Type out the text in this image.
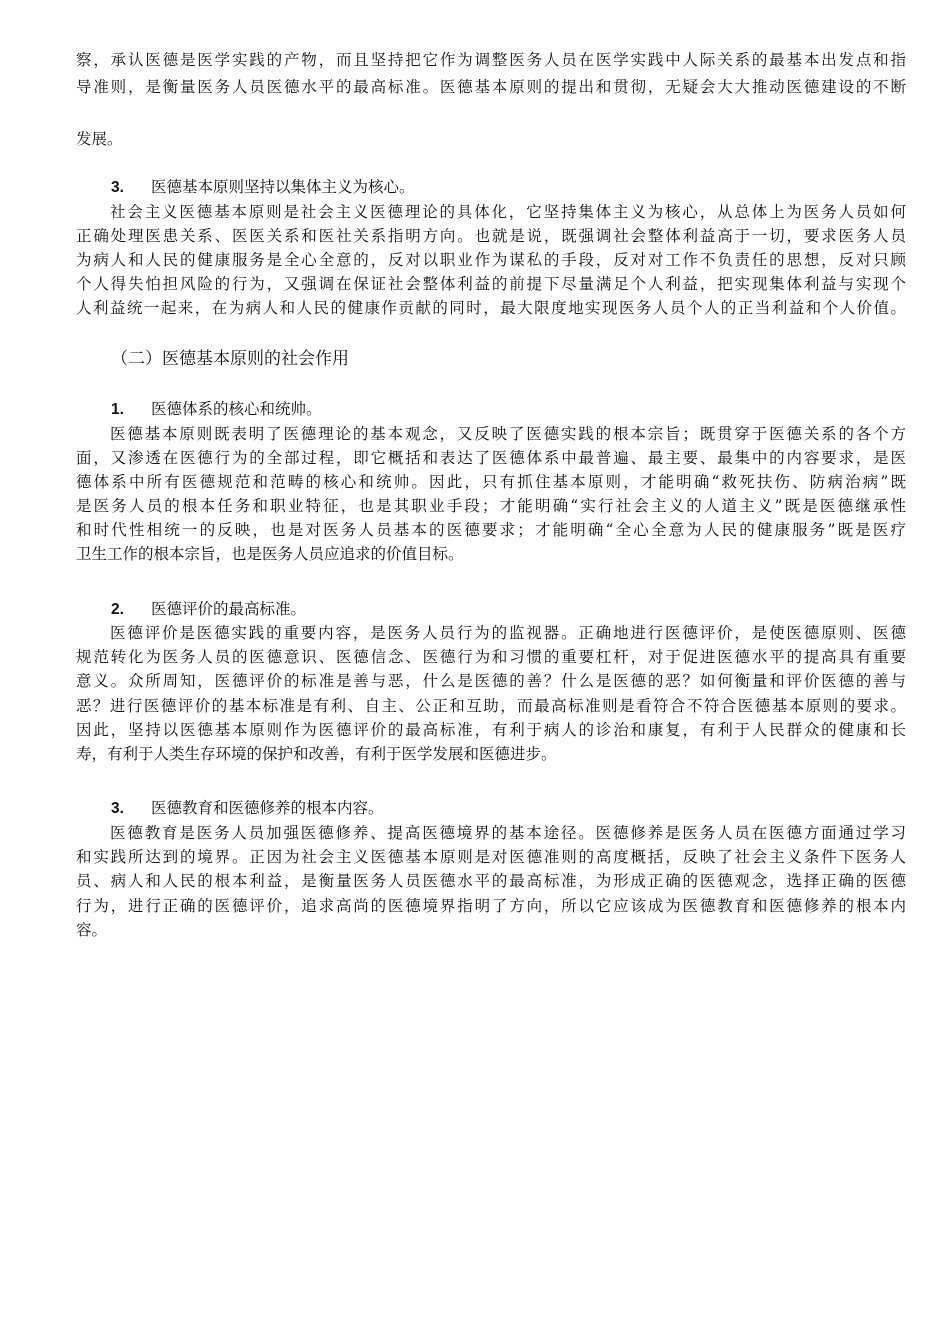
察，承认医德是医学实践的产物，而且坚持把它作为调整医务人员在医学实践中人际关系的最基本出发点和指
导准则，是衡量医务人员医德水平的最高标准。医德基本原则的提出和贯彻，无疑会大大推动医德建设的不断
发展。
3. 医德基本原则坚持以集体主义为核心。
社会主义医德基本原则是社会主义医德理论的具体化，它坚持集体主义为核心，从总体上为医务人员如何
正确处理医患关系、医医关系和医社关系指明方向。也就是说，既强调社会整体利益高于一切，要求医务人员
为病人和人民的健康服务是全心全意的，反对以职业作为谋私的手段，反对对工作不负责任的思想，反对只顾
个人得失怕担风险的行为，又强调在保证社会整体利益的前提下尽量满足个人利益，把实现集体利益与实现个
人利益统一起来，在为病人和人民的健康作贡献的同时，最大限度地实现医务人员个人的正当利益和个人价值。
（二）医德基本原则的社会作用
1. 医德体系的核心和统帅。
医德基本原则既表明了医德理论的基本观念，又反映了医德实践的根本宗旨；既贯穿于医德关系的各个方
面，又渗透在医德行为的全部过程，即它概括和表达了医德体系中最普遍、最主要、最集中的内容要求，是医
德体系中所有医德规范和范畴的核心和统帅。因此，只有抓住基本原则，才能明确“救死扶伤、防病治病”既
是医务人员的根本任务和职业特征，也是其职业手段；才能明确“实行社会主义的人道主义”既是医德继承性
和时代性相统一的反映，也是对医务人员基本的医德要求；才能明确“全心全意为人民的健康服务”既是医疗
卫生工作的根本宗旨，也是医务人员应追求的价值目标。
2. 医德评价的最高标准。
医德评价是医德实践的重要内容，是医务人员行为的监视器。正确地进行医德评价，是使医德原则、医德
规范转化为医务人员的医德意识、医德信念、医德行为和习惯的重要杠杆，对于促进医德水平的提高具有重要
意义。众所周知，医德评价的标准是善与恶，什么是医德的善？什么是医德的恶？如何衡量和评价医德的善与
恶？进行医德评价的基本标准是有利、自主、公正和互助，而最高标准则是看符合不符合医德基本原则的要求。
因此，坚持以医德基本原则作为医德评价的最高标准，有利于病人的诊治和康复，有利于人民群众的健康和长
寿，有利于人类生存环境的保护和改善，有利于医学发展和医德进步。
3. 医德教育和医德修养的根本内容。
医德教育是医务人员加强医德修养、提高医德境界的基本途径。医德修养是医务人员在医德方面通过学习
和实践所达到的境界。正因为社会主义医德基本原则是对医德准则的高度概括，反映了社会主义条件下医务人
员、病人和人民的根本利益，是衡量医务人员医德水平的最高标准，为形成正确的医德观念，选择正确的医德
行为，进行正确的医德评价，追求高尚的医德境界指明了方向，所以它应该成为医德教育和医德修养的根本内
容。
